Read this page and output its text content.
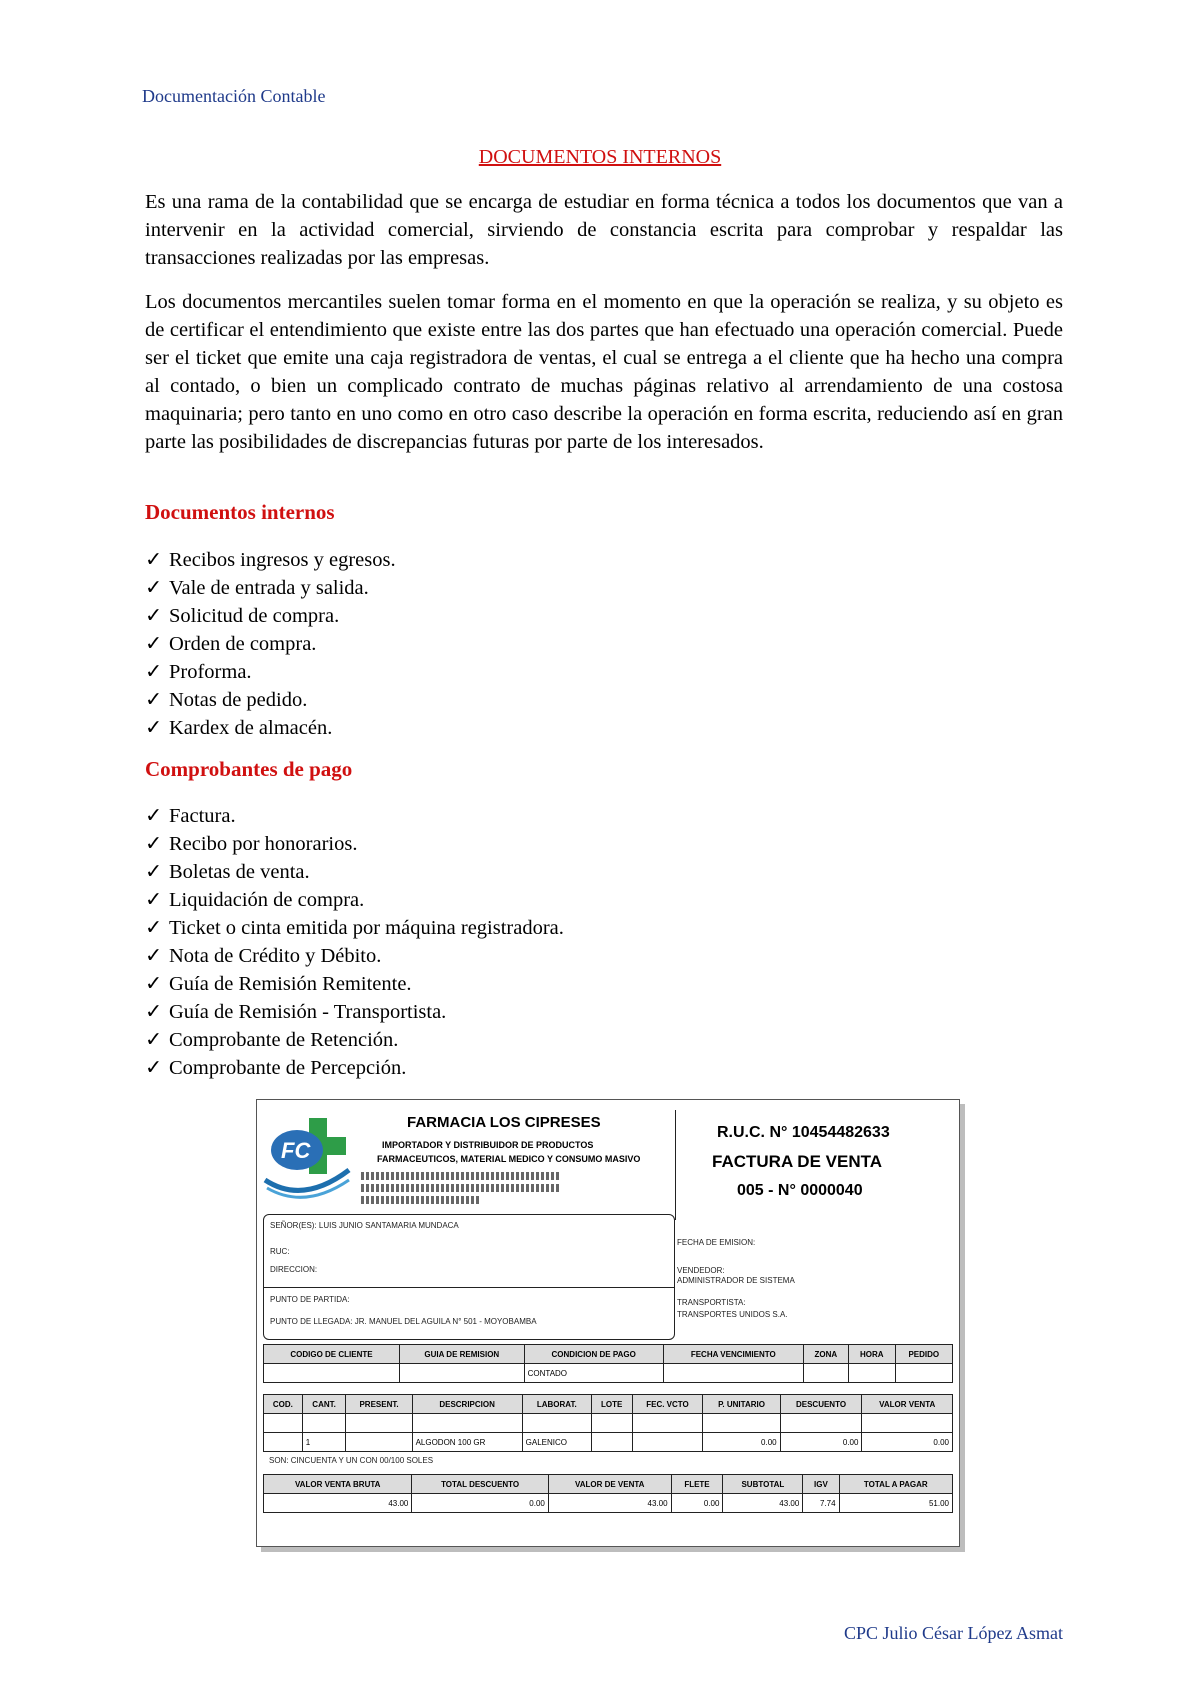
Documentación Contable
DOCUMENTOS INTERNOS

Es una rama de la contabilidad que se encarga de estudiar en forma técnica a todos los documentos que van a intervenir en la actividad comercial, sirviendo de constancia escrita para comprobar y respaldar las transacciones realizadas por las empresas.

Los documentos mercantiles suelen tomar forma en el momento en que la operación se realiza, y su objeto es de certificar el entendimiento que existe entre las dos partes que han efectuado una operación comercial. Puede ser el ticket que emite una caja registradora de ventas, el cual se entrega a el cliente que ha hecho una compra al contado, o bien un complicado contrato de muchas páginas relativo al arrendamiento de una costosa maquinaria; pero tanto en uno como en otro caso describe la operación en forma escrita, reduciendo así en gran parte las posibilidades de discrepancias futuras por parte de los interesados.

Documentos internos
✓ Recibos ingresos y egresos.
✓ Vale de entrada y salida.
✓ Solicitud de compra.
✓ Orden de compra.
✓ Proforma.
✓ Notas de pedido.
✓ Kardex de almacén.
Comprobantes de pago
✓ Factura.
✓ Recibo por honorarios.
✓ Boletas de venta.
✓ Liquidación de compra.
✓ Ticket o cinta emitida por máquina registradora.
✓ Nota de Crédito y Débito.
✓ Guía de Remisión Remitente.
✓ Guía de Remisión - Transportista.
✓ Comprobante de Retención.
✓ Comprobante de Percepción.
FC
FARMACIA LOS CIPRESES
IMPORTADOR Y DISTRIBUIDOR DE PRODUCTOS
FARMACEUTICOS, MATERIAL MEDICO Y CONSUMO MASIVO
R.U.C. N° 10454482633
FACTURA DE VENTA
005 - N° 0000040
SEÑOR(ES): LUIS JUNIO SANTAMARIA MUNDACA
RUC:
DIRECCION:
PUNTO DE PARTIDA:
PUNTO DE LLEGADA: JR. MANUEL DEL AGUILA N° 501 - MOYOBAMBA
FECHA DE EMISION:
VENDEDOR:
ADMINISTRADOR DE SISTEMA
TRANSPORTISTA:
TRANSPORTES UNIDOS S.A.
CODIGO DE CLIENTE	GUIA DE REMISION	CONDICION DE PAGO	FECHA VENCIMIENTO	ZONA	HORA	PEDIDO
		CONTADO				
COD.	CANT.	PRESENT.	DESCRIPCION	LABORAT.	LOTE	FEC. VCTO	P. UNITARIO	DESCUENTO	VALOR VENTA

	1		ALGODON 100 GR	GALENICO			0.00	0.00	0.00
SON: CINCUENTA Y UN CON 00/100 SOLES
VALOR VENTA BRUTA	TOTAL DESCUENTO	VALOR DE VENTA	FLETE	SUBTOTAL	IGV	TOTAL A PAGAR
43.00	0.00	43.00	0.00	43.00	7.74	51.00
CPC Julio César López Asmat
